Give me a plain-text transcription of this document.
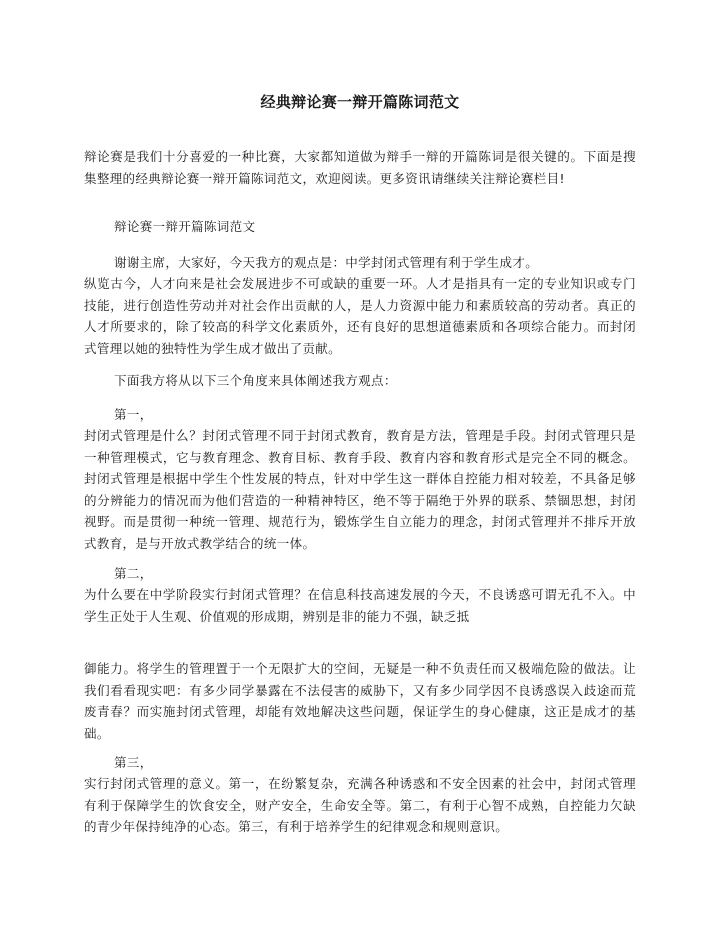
经典辩论赛一辩开篇陈词范文

辩论赛是我们十分喜爱的一种比赛，大家都知道做为辩手一辩的开篇陈词是很关键的。下面是搜集整理的经典辩论赛一辩开篇陈词范文，欢迎阅读。更多资讯请继续关注辩论赛栏目!

辩论赛一辩开篇陈词范文

谢谢主席，大家好，今天我方的观点是：中学封闭式管理有利于学生成才。

纵览古今，人才向来是社会发展进步不可或缺的重要一环。人才是指具有一定的专业知识或专门技能，进行创造性劳动并对社会作出贡献的人，是人力资源中能力和素质较高的劳动者。真正的人才所要求的，除了较高的科学文化素质外，还有良好的思想道德素质和各项综合能力。而封闭式管理以她的独特性为学生成才做出了贡献。

下面我方将从以下三个角度来具体阐述我方观点：

第一，

封闭式管理是什么？封闭式管理不同于封闭式教育，教育是方法，管理是手段。封闭式管理只是一种管理模式，它与教育理念、教育目标、教育手段、教育内容和教育形式是完全不同的概念。封闭式管理是根据中学生个性发展的特点，针对中学生这一群体自控能力相对较差，不具备足够的分辨能力的情况而为他们营造的一种精神特区，绝不等于隔绝于外界的联系、禁锢思想，封闭视野。而是贯彻一种统一管理、规范行为，锻炼学生自立能力的理念，封闭式管理并不排斥开放式教育，是与开放式教学结合的统一体。

第二，

为什么要在中学阶段实行封闭式管理？在信息科技高速发展的今天，不良诱惑可谓无孔不入。中学生正处于人生观、价值观的形成期，辨别是非的能力不强，缺乏抵

御能力。将学生的管理置于一个无限扩大的空间，无疑是一种不负责任而又极端危险的做法。让我们看看现实吧：有多少同学暴露在不法侵害的威胁下，又有多少同学因不良诱惑误入歧途而荒废青春？而实施封闭式管理，却能有效地解决这些问题，保证学生的身心健康，这正是成才的基础。

第三，

实行封闭式管理的意义。第一，在纷繁复杂，充满各种诱惑和不安全因素的社会中，封闭式管理有利于保障学生的饮食安全，财产安全，生命安全等。第二，有利于心智不成熟，自控能力欠缺的青少年保持纯净的心态。第三，有利于培养学生的纪律观念和规则意识。
